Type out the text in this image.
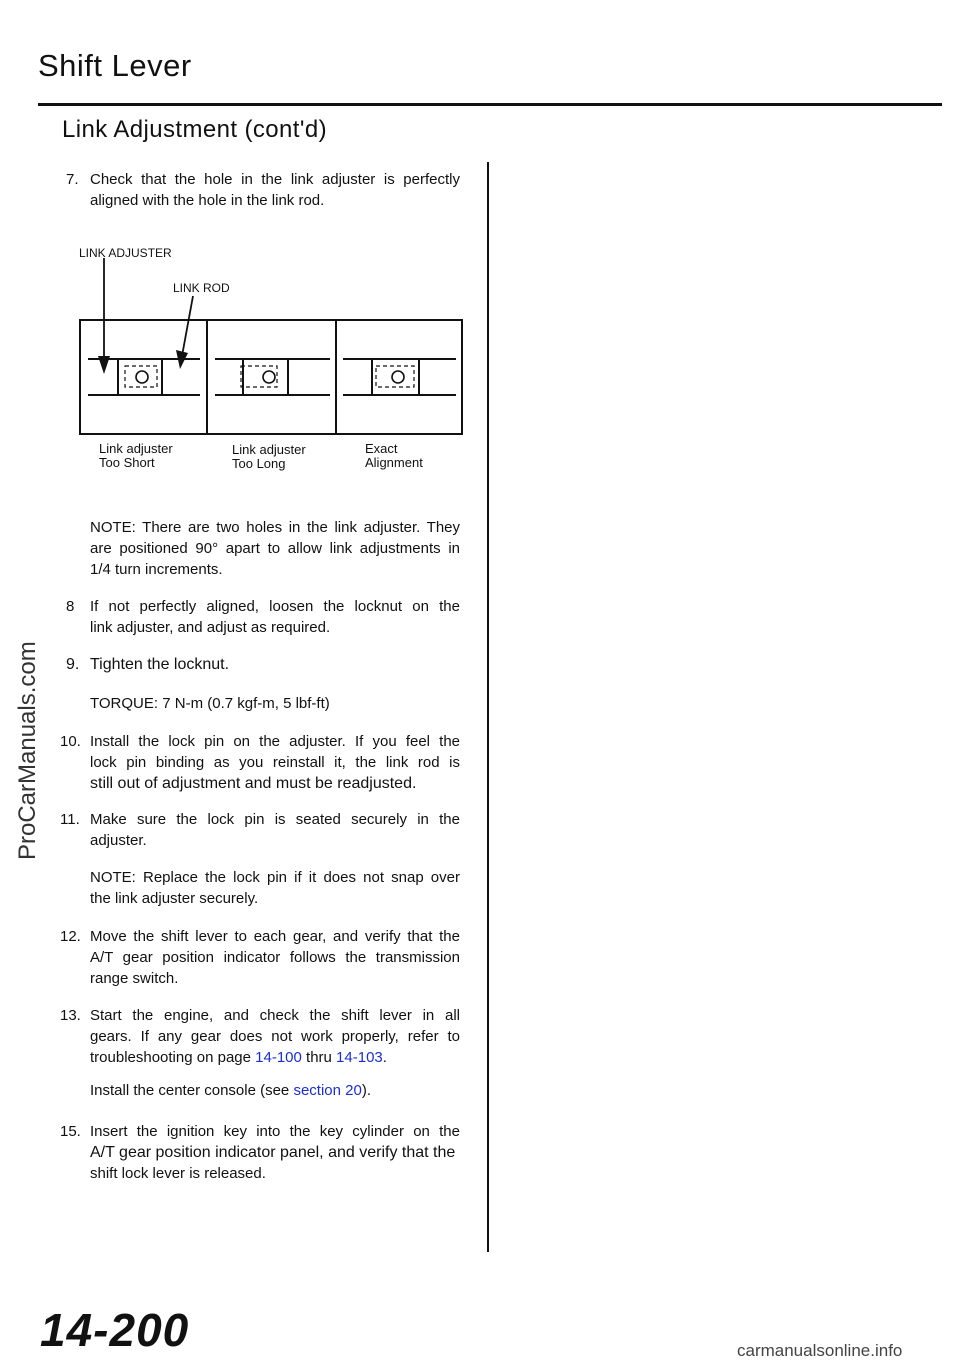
Shift Lever
Link Adjustment (cont'd)
7. Check that the hole in the link adjuster is perfectly
aligned with the hole in the link rod.
LINK ADJUSTER
LINK ROD
Link adjuster
Too Short
Link adjuster
Too Long
Exact
Alignment
NOTE: There are two holes in the link adjuster. They
are positioned 90° apart to allow link adjustments in
1/4 turn increments.
8 If not perfectly aligned, loosen the locknut on the
link adjuster, and adjust as required.
9. Tighten the locknut.
TORQUE: 7 N-m (0.7 kgf-m, 5 lbf-ft)
10. Install the lock pin on the adjuster. If you feel the
lock pin binding as you reinstall it, the link rod is
still out of adjustment and must be readjusted.
11. Make sure the lock pin is seated securely in the
adjuster.
NOTE: Replace the lock pin if it does not snap over
the link adjuster securely.
12. Move the shift lever to each gear, and verify that the
A/T gear position indicator follows the transmission
range switch.
13. Start the engine, and check the shift lever in all
gears. If any gear does not work properly, refer to
troubleshooting on page 14-100 thru 14-103.
Install the center console (see section 20).
15. Insert the ignition key into the key cylinder on the
A/T gear position indicator panel, and verify that the
shift lock lever is released.
14-200
ProCarManuals.com
carmanualsonline.info
